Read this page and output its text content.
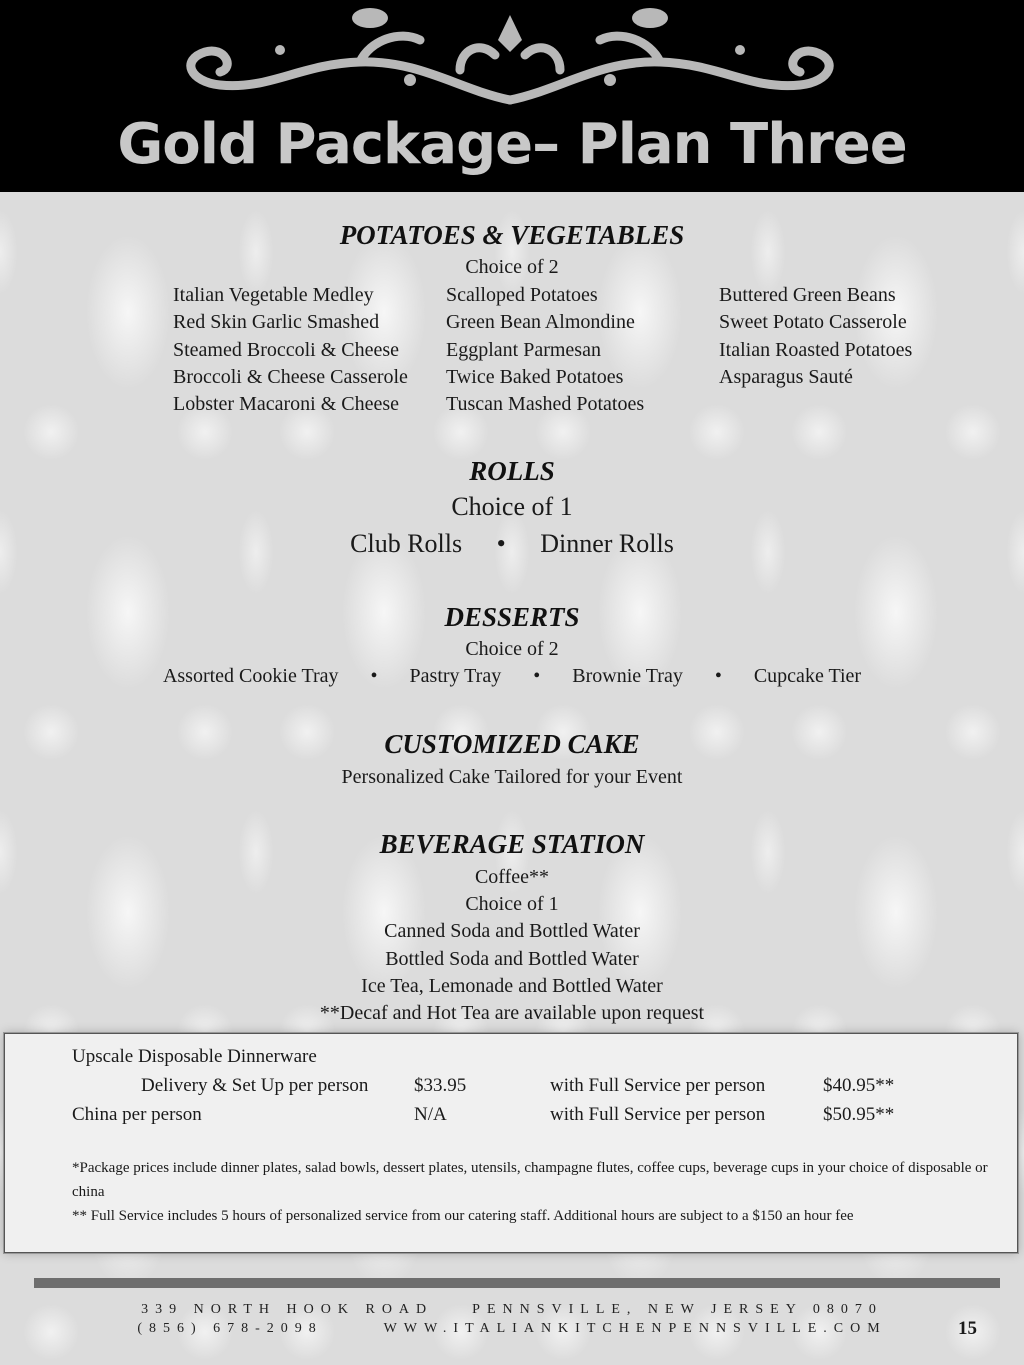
Gold Package– Plan Three
POTATOES & VEGETABLES
Choice of 2
Italian Vegetable Medley
Red Skin Garlic Smashed
Steamed Broccoli & Cheese
Broccoli & Cheese Casserole
Lobster Macaroni & Cheese
Scalloped Potatoes
Green Bean Almondine
Eggplant Parmesan
Twice Baked Potatoes
Tuscan Mashed Potatoes
Buttered Green Beans
Sweet Potato Casserole
Italian Roasted Potatoes
Asparagus Sauté
ROLLS
Choice of 1
Club Rolls • Dinner Rolls
DESSERTS
Choice of 2
Assorted Cookie Tray • Pastry Tray • Brownie Tray • Cupcake Tier
CUSTOMIZED CAKE
Personalized Cake Tailored for your Event
BEVERAGE STATION
Coffee**
Choice of 1
Canned Soda and Bottled Water
Bottled Soda and Bottled Water
Ice Tea, Lemonade and Bottled Water
**Decaf and Hot Tea are available upon request
Upscale Disposable Dinnerware
Delivery & Set Up per person $33.95	with Full Service per person	$40.95**
China per person	N/A	with Full Service per person	$50.95**
*Package prices include dinner plates, salad bowls, dessert plates, utensils, champagne flutes, coffee cups, beverage cups in your choice of disposable or china
** Full Service includes 5 hours of personalized service from our catering staff. Additional hours are subject to a $150 an hour fee
339 NORTH HOOK ROAD	PENNSVILLE, NEW JERSEY 08070
(856) 678-2098	WWW.ITALIANKITCHENPENNSVILLE.COM	15
